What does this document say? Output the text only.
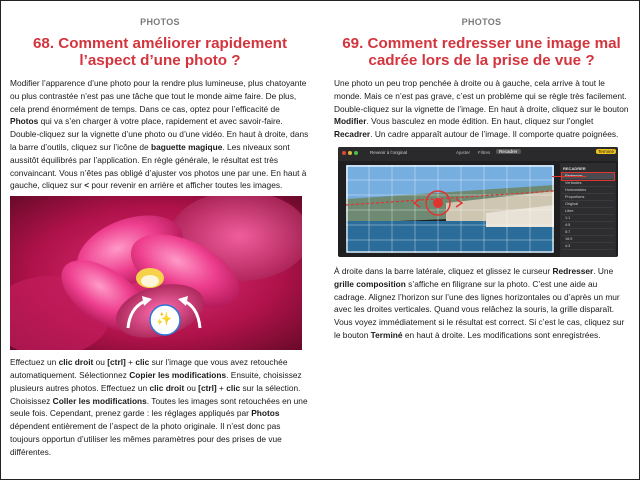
PHOTOS
68. Comment améliorer rapidement l’aspect d’une photo ?

Modifier l’apparence d’une photo pour la rendre plus lumineuse, plus chatoyante ou plus contrastée n’est pas une tâche que tout le monde aime faire. De plus, cela prend énormément de temps. Dans ce cas, optez pour l’efficacité de Photos qui va s’en charger à votre place, rapidement et avec savoir-faire. Double-cliquez sur la vignette d’une photo ou d’une vidéo. En haut à droite, dans la barre d’outils, cliquez sur l’icône de baguette magique. Les niveaux sont aussitôt équilibrés par l’application. En règle générale, le résultat est très convaincant. Vous n’êtes pas obligé d’ajuster vos photos une par une. En haut à gauche, cliquez sur < pour revenir en arrière et afficher toutes les images.

✨

Effectuez un clic droit ou [ctrl] + clic sur l’image que vous avez retouchée automatiquement. Sélectionnez Copier les modifications. Ensuite, choisissez plusieurs autres photos. Effectuez un clic droit ou [ctrl] + clic sur la sélection. Choisissez Coller les modifications. Toutes les images sont retouchées en une seule fois. Cependant, prenez garde : les réglages appliqués par Photos dépendent entièrement de l’aspect de la photo originale. Il n’est donc pas toujours opportun d’utiliser les mêmes paramètres pour des prises de vue différentes.

PHOTOS
69. Comment redresser une image mal cadrée lors de la prise de vue ?

Une photo un peu trop penchée à droite ou à gauche, cela arrive à tout le monde. Mais ce n’est pas grave, c’est un problème qui se règle très facilement. Double-cliquez sur la vignette de l’image. En haut à droite, cliquez sur le bouton Modifier. Vous basculez en mode édition. En haut, cliquez sur l’onglet Recadrer. Un cadre apparaît autour de l’image. Il comporte quatre poignées.

Revenir à l’original	Ajuster Filtres	Recadrer	Terminé
RECADRER
Verticales
Horizontales
Proportions
Original
Libre
1:1
4:5
5:7
16:9
4:3

À droite dans la barre latérale, cliquez et glissez le curseur Redresser. Une grille composition s’affiche en filigrane sur la photo. C’est une aide au cadrage. Alignez l’horizon sur l’une des lignes horizontales ou d’après un mur avec les droites verticales. Quand vous relâchez la souris, la grille disparaît. Vous voyez immédiatement si le résultat est correct. Si c’est le cas, cliquez sur le bouton Terminé en haut à droite. Les modifications sont enregistrées.
